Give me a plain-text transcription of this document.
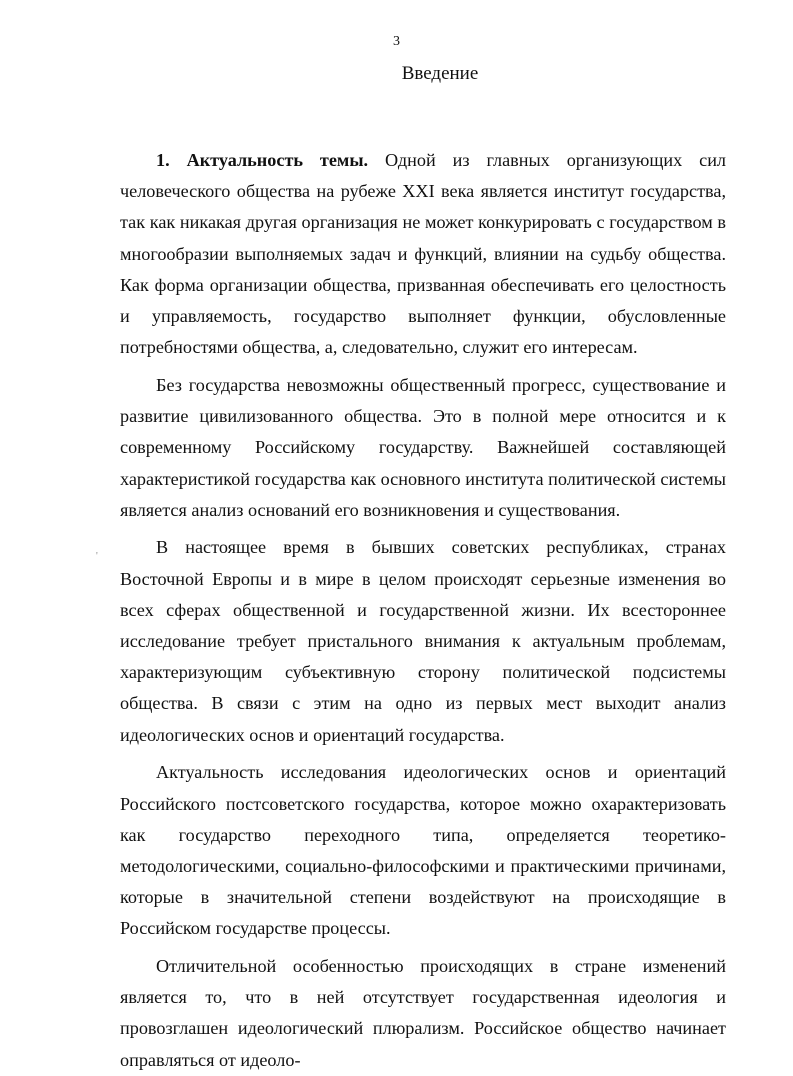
3
Введение

1. Актуальность темы. Одной из главных организующих сил человеческого общества на рубеже XXI века является институт государства, так как никакая другая организация не может конкурировать с государством в многообразии выполняемых задач и функций, влиянии на судьбу общества. Как форма организации общества, призванная обеспечивать его целостность и управляемость, государство выполняет функции, обусловленные потребностями общества, а, следовательно, служит его интересам.

Без государства невозможны общественный прогресс, существование и развитие цивилизованного общества. Это в полной мере относится и к современному Российскому государству. Важнейшей составляющей характеристикой государства как основного института политической системы является анализ оснований его возникновения и существования.

В настоящее время в бывших советских республиках, странах Восточной Европы и в мире в целом происходят серьезные изменения во всех сферах общественной и государственной жизни. Их всестороннее исследование требует пристального внимания к актуальным проблемам, характеризующим субъективную сторону политической подсистемы общества. В связи с этим на одно из первых мест выходит анализ идеологических основ и ориентаций государства.

Актуальность исследования идеологических основ и ориентаций Российского постсоветского государства, которое можно охарактеризовать как государство переходного типа, определяется теоретико-методологическими, социально-философскими и практическими причинами, которые в значительной степени воздействуют на происходящие в Российском государстве процессы.

Отличительной особенностью происходящих в стране изменений является то, что в ней отсутствует государственная идеология и провозглашен идеологический плюрализм. Российское общество начинает оправляться от идеоло-

'
